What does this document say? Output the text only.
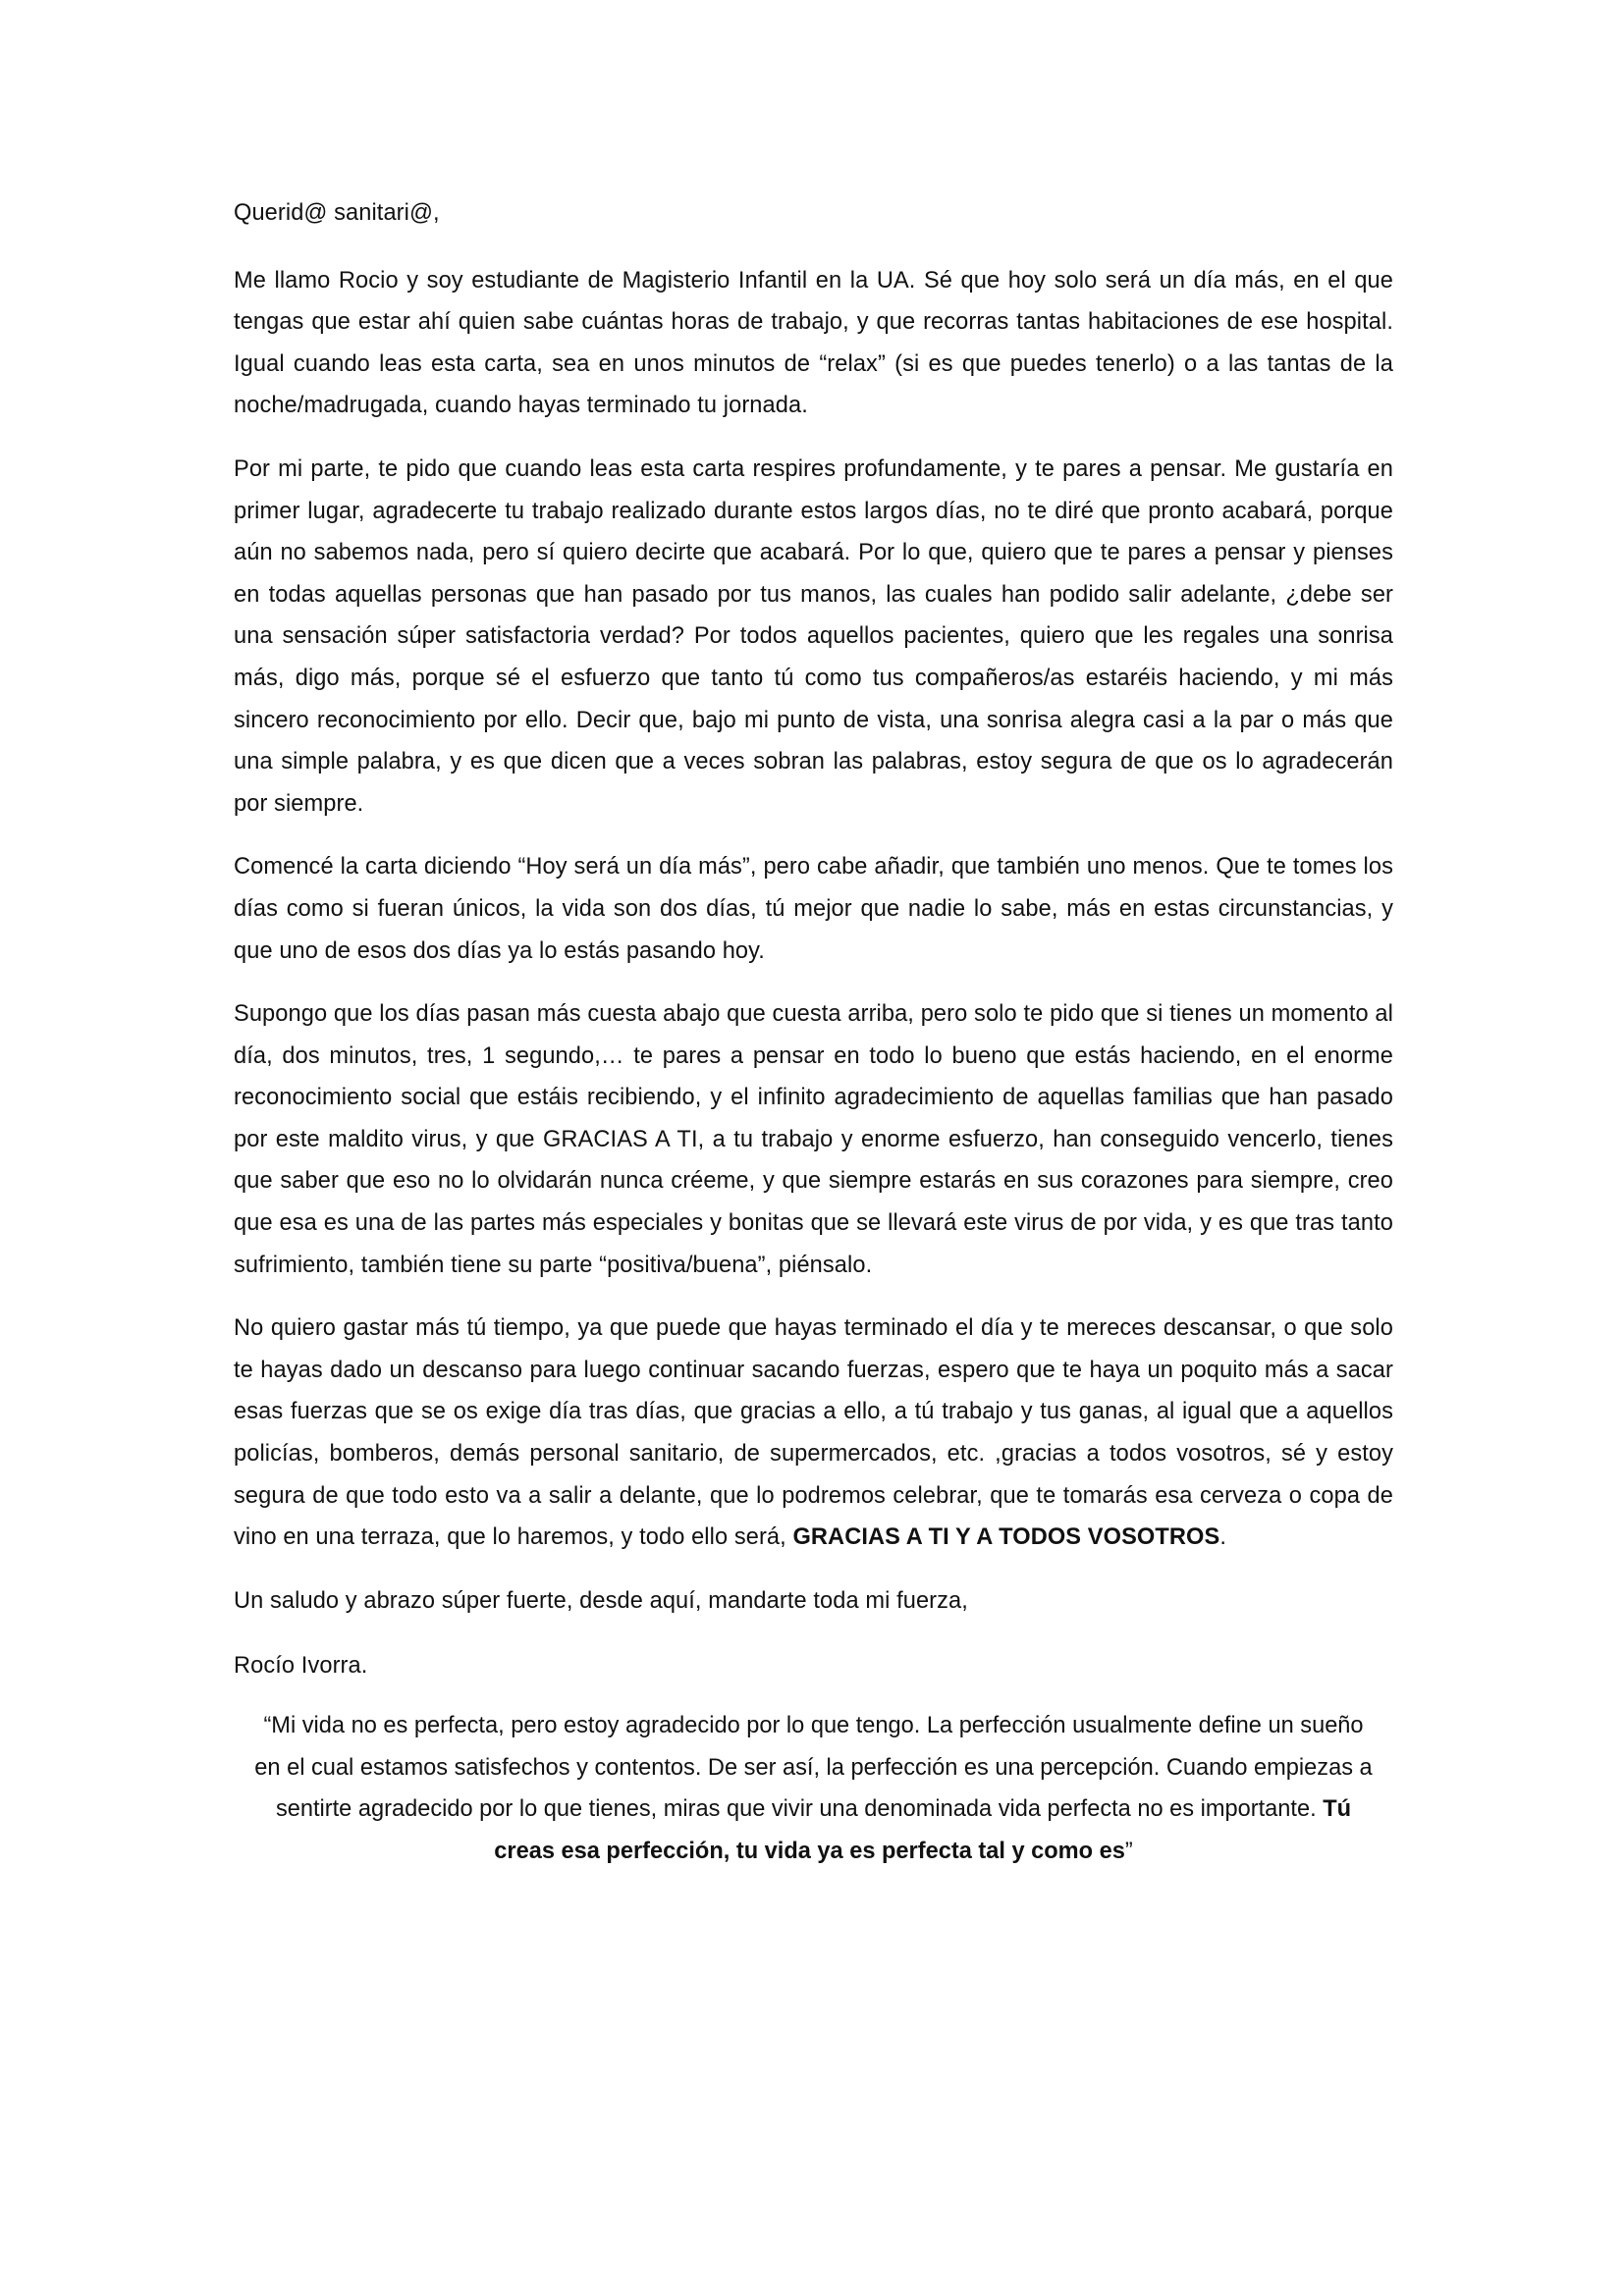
Querid@ sanitari@,

Me llamo Rocio y soy estudiante de Magisterio Infantil en la UA. Sé que hoy solo será un día más, en el que tengas que estar ahí quien sabe cuántas horas de trabajo, y que recorras tantas habitaciones de ese hospital. Igual cuando leas esta carta, sea en unos minutos de “relax” (si es que puedes tenerlo) o a las tantas de la noche/madrugada, cuando hayas terminado tu jornada.

Por mi parte, te pido que cuando leas esta carta respires profundamente, y te pares a pensar. Me gustaría en primer lugar, agradecerte tu trabajo realizado durante estos largos días, no te diré que pronto acabará, porque aún no sabemos nada, pero sí quiero decirte que acabará. Por lo que, quiero que te pares a pensar y pienses en todas aquellas personas que han pasado por tus manos, las cuales han podido salir adelante, ¿debe ser una sensación súper satisfactoria verdad? Por todos aquellos pacientes, quiero que les regales una sonrisa más, digo más, porque sé el esfuerzo que tanto tú como tus compañeros/as estaréis haciendo, y mi más sincero reconocimiento por ello. Decir que, bajo mi punto de vista, una sonrisa alegra casi a la par o más que una simple palabra, y es que dicen que a veces sobran las palabras, estoy segura de que os lo agradecerán por siempre.

Comencé la carta diciendo “Hoy será un día más”, pero cabe añadir, que también uno menos. Que te tomes los días como si fueran únicos, la vida son dos días, tú mejor que nadie lo sabe, más en estas circunstancias, y que uno de esos dos días ya lo estás pasando hoy.

Supongo que los días pasan más cuesta abajo que cuesta arriba, pero solo te pido que si tienes un momento al día, dos minutos, tres, 1 segundo,… te pares a pensar en todo lo bueno que estás haciendo, en el enorme reconocimiento social que estáis recibiendo, y el infinito agradecimiento de aquellas familias que han pasado por este maldito virus, y que GRACIAS A TI, a tu trabajo y enorme esfuerzo, han conseguido vencerlo, tienes que saber que eso no lo olvidarán nunca créeme, y que siempre estarás en sus corazones para siempre, creo que esa es una de las partes más especiales y bonitas que se llevará este virus de por vida, y es que tras tanto sufrimiento, también tiene su parte “positiva/buena”, piénsalo.

No quiero gastar más tú tiempo, ya que puede que hayas terminado el día y te mereces descansar, o que solo te hayas dado un descanso para luego continuar sacando fuerzas, espero que te haya un poquito más a sacar esas fuerzas que se os exige día tras días, que gracias a ello, a tú trabajo y tus ganas, al igual que a aquellos policías, bomberos, demás personal sanitario, de supermercados, etc. ,gracias a todos vosotros, sé y estoy segura de que todo esto va a salir a delante, que lo podremos celebrar, que te tomarás esa cerveza o copa de vino en una terraza, que lo haremos, y todo ello será, GRACIAS A TI Y A TODOS VOSOTROS.

Un saludo y abrazo súper fuerte, desde aquí, mandarte toda mi fuerza,

Rocío Ivorra.

“Mi vida no es perfecta, pero estoy agradecido por lo que tengo. La perfección usualmente define un sueño en el cual estamos satisfechos y contentos. De ser así, la perfección es una percepción. Cuando empiezas a sentirte agradecido por lo que tienes, miras que vivir una denominada vida perfecta no es importante. Tú creas esa perfección, tu vida ya es perfecta tal y como es”
